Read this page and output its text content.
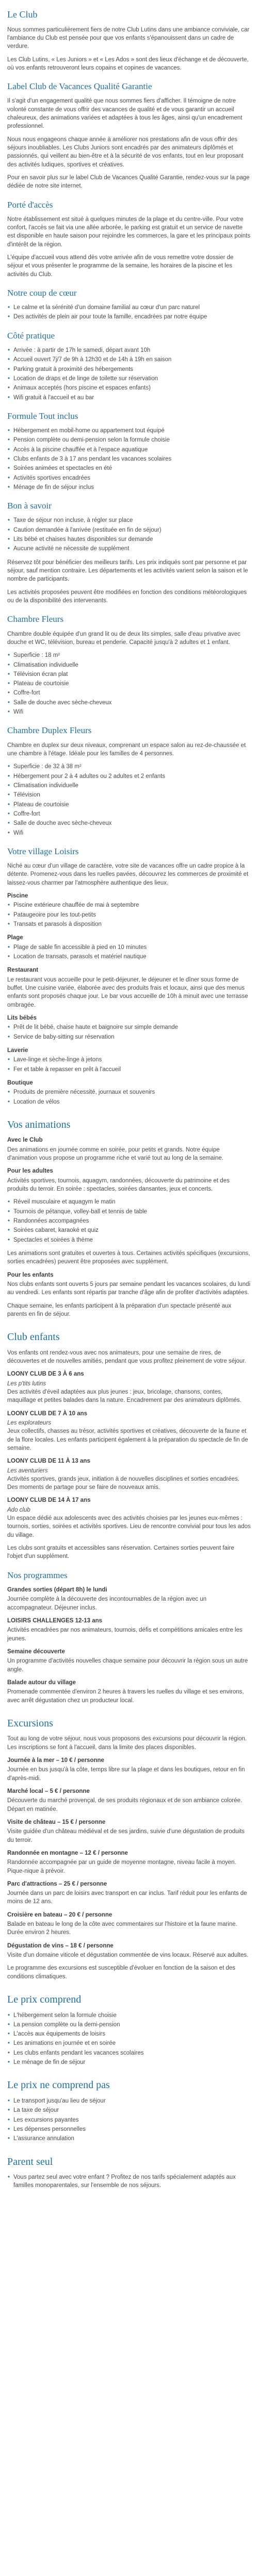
Le Club

Nous sommes particulièrement fiers de notre Club Lutins dans une ambiance conviviale, car l'ambiance du Club est pensée pour que vos enfants s'épanouissent dans un cadre de verdure.

Les Club Lutins, « Les Juniors » et « Les Ados » sont des lieux d'échange et de découverte, où vos enfants retrouveront leurs copains et copines de vacances.

Label Club de Vacances Qualité Garantie

Il s'agit d'un engagement qualité que nous sommes fiers d'afficher. Il témoigne de notre volonté constante de vous offrir des vacances de qualité et de vous garantir un accueil chaleureux, des animations variées et adaptées à tous les âges, ainsi qu'un encadrement professionnel.

Nous nous engageons chaque année à améliorer nos prestations afin de vous offrir des séjours inoubliables. Les Clubs Juniors sont encadrés par des animateurs diplômés et passionnés, qui veillent au bien-être et à la sécurité de vos enfants, tout en leur proposant des activités ludiques, sportives et créatives.

Pour en savoir plus sur le label Club de Vacances Qualité Garantie, rendez-vous sur la page dédiée de notre site internet.

Porté d'accès

Notre établissement est situé à quelques minutes de la plage et du centre-ville. Pour votre confort, l'accès se fait via une allée arborée, le parking est gratuit et un service de navette est disponible en haute saison pour rejoindre les commerces, la gare et les principaux points d'intérêt de la région.

L'équipe d'accueil vous attend dès votre arrivée afin de vous remettre votre dossier de séjour et vous présenter le programme de la semaine, les horaires de la piscine et les activités du Club.

Notre coup de cœur
• Le calme et la sérénité d'un domaine familial au cœur d'un parc naturel
• Des activités de plein air pour toute la famille, encadrées par notre équipe
Côté pratique
• Arrivée : à partir de 17h le samedi, départ avant 10h
• Accueil ouvert 7j/7 de 9h à 12h30 et de 14h à 19h en saison
• Parking gratuit à proximité des hébergements
• Location de draps et de linge de toilette sur réservation
• Animaux acceptés (hors piscine et espaces enfants)
• Wifi gratuit à l'accueil et au bar
Formule Tout inclus
• Hébergement en mobil-home ou appartement tout équipé
• Pension complète ou demi-pension selon la formule choisie
• Accès à la piscine chauffée et à l'espace aquatique
• Clubs enfants de 3 à 17 ans pendant les vacances scolaires
• Soirées animées et spectacles en été
• Activités sportives encadrées
• Ménage de fin de séjour inclus
Bon à savoir
• Taxe de séjour non incluse, à régler sur place
• Caution demandée à l'arrivée (restituée en fin de séjour)
• Lits bébé et chaises hautes disponibles sur demande
• Aucune activité ne nécessite de supplément

Réservez tôt pour bénéficier des meilleurs tarifs. Les prix indiqués sont par personne et par séjour, sauf mention contraire. Les départements et les activités varient selon la saison et le nombre de participants.

Les activités proposées peuvent être modifiées en fonction des conditions météorologiques ou de la disponibilité des intervenants.

Chambre Fleurs

Chambre double équipée d'un grand lit ou de deux lits simples, salle d'eau privative avec douche et WC, télévision, bureau et penderie. Capacité jusqu'à 2 adultes et 1 enfant.

• Superficie : 18 m²
• Climatisation individuelle
• Télévision écran plat
• Plateau de courtoisie
• Coffre-fort
• Salle de douche avec sèche-cheveux
• Wifi
Chambre Duplex Fleurs

Chambre en duplex sur deux niveaux, comprenant un espace salon au rez-de-chaussée et une chambre à l'étage. Idéale pour les familles de 4 personnes.

• Superficie : de 32 à 38 m²
• Hébergement pour 2 à 4 adultes ou 2 adultes et 2 enfants
• Climatisation individuelle
• Télévision
• Plateau de courtoisie
• Coffre-fort
• Salle de douche avec sèche-cheveux
• Wifi
Votre village Loisirs

Niché au cœur d'un village de caractère, votre site de vacances offre un cadre propice à la détente. Promenez-vous dans les ruelles pavées, découvrez les commerces de proximité et laissez-vous charmer par l'atmosphère authentique des lieux.

Piscine
• Piscine extérieure chauffée de mai à septembre
• Pataugeoire pour les tout-petits
• Transats et parasols à disposition
Plage
• Plage de sable fin accessible à pied en 10 minutes
• Location de transats, parasols et matériel nautique
Restaurant

Le restaurant vous accueille pour le petit-déjeuner, le déjeuner et le dîner sous forme de buffet. Une cuisine variée, élaborée avec des produits frais et locaux, ainsi que des menus enfants sont proposés chaque jour. Le bar vous accueille de 10h à minuit avec une terrasse ombragée.

Lits bébés
• Prêt de lit bébé, chaise haute et baignoire sur simple demande
• Service de baby-sitting sur réservation
Laverie
• Lave-linge et sèche-linge à jetons
• Fer et table à repasser en prêt à l'accueil
Boutique
• Produits de première nécessité, journaux et souvenirs
• Location de vélos
Vos animations
Avec le Club

Des animations en journée comme en soirée, pour petits et grands. Notre équipe d'animation vous propose un programme riche et varié tout au long de la semaine.

Pour les adultes

Activités sportives, tournois, aquagym, randonnées, découverte du patrimoine et des produits du terroir. En soirée : spectacles, soirées dansantes, jeux et concerts.

• Réveil musculaire et aquagym le matin
• Tournois de pétanque, volley-ball et tennis de table
• Randonnées accompagnées
• Soirées cabaret, karaoké et quiz
• Spectacles et soirées à thème

Les animations sont gratuites et ouvertes à tous. Certaines activités spécifiques (excursions, sorties encadrées) peuvent être proposées avec supplément.

Pour les enfants

Nos clubs enfants sont ouverts 5 jours par semaine pendant les vacances scolaires, du lundi au vendredi. Les enfants sont répartis par tranche d'âge afin de profiter d'activités adaptées.

Chaque semaine, les enfants participent à la préparation d'un spectacle présenté aux parents en fin de séjour.

Club enfants

Vos enfants ont rendez-vous avec nos animateurs, pour une semaine de rires, de découvertes et de nouvelles amitiés, pendant que vous profitez pleinement de votre séjour.

LOONY CLUB DE 3 À 6 ans
Les p'tits lutins

Des activités d'éveil adaptées aux plus jeunes : jeux, bricolage, chansons, contes, maquillage et petites balades dans la nature. Encadrement par des animateurs diplômés.

LOONY CLUB DE 7 À 10 ans
Les explorateurs

Jeux collectifs, chasses au trésor, activités sportives et créatives, découverte de la faune et de la flore locales. Les enfants participent également à la préparation du spectacle de fin de semaine.

LOONY CLUB DE 11 À 13 ans
Les aventuriers

Activités sportives, grands jeux, initiation à de nouvelles disciplines et sorties encadrées. Des moments de partage pour se faire de nouveaux amis.

LOONY CLUB DE 14 À 17 ans
Ado club

Un espace dédié aux adolescents avec des activités choisies par les jeunes eux-mêmes : tournois, sorties, soirées et activités sportives. Lieu de rencontre convivial pour tous les ados du village.

Les clubs sont gratuits et accessibles sans réservation. Certaines sorties peuvent faire l'objet d'un supplément.

Nos programmes
Grandes sorties (départ 8h) le lundi

Journée complète à la découverte des incontournables de la région avec un accompagnateur. Déjeuner inclus.

LOISIRS CHALLENGES 12-13 ans

Activités encadrées par nos animateurs, tournois, défis et compétitions amicales entre les jeunes.

Semaine découverte

Un programme d'activités nouvelles chaque semaine pour découvrir la région sous un autre angle.

Balade autour du village

Promenade commentée d'environ 2 heures à travers les ruelles du village et ses environs, avec arrêt dégustation chez un producteur local.

Excursions

Tout au long de votre séjour, nous vous proposons des excursions pour découvrir la région. Les inscriptions se font à l'accueil, dans la limite des places disponibles.

Journée à la mer – 10 € / personne

Journée en bus jusqu'à la côte, temps libre sur la plage et dans les boutiques, retour en fin d'après-midi.

Marché local – 5 € / personne

Découverte du marché provençal, de ses produits régionaux et de son ambiance colorée. Départ en matinée.

Visite de château – 15 € / personne

Visite guidée d'un château médiéval et de ses jardins, suivie d'une dégustation de produits du terroir.

Randonnée en montagne – 12 € / personne

Randonnée accompagnée par un guide de moyenne montagne, niveau facile à moyen. Pique-nique à prévoir.

Parc d'attractions – 25 € / personne

Journée dans un parc de loisirs avec transport en car inclus. Tarif réduit pour les enfants de moins de 12 ans.

Croisière en bateau – 20 € / personne

Balade en bateau le long de la côte avec commentaires sur l'histoire et la faune marine. Durée environ 2 heures.

Dégustation de vins – 18 € / personne

Visite d'un domaine viticole et dégustation commentée de vins locaux. Réservé aux adultes.

Le programme des excursions est susceptible d'évoluer en fonction de la saison et des conditions climatiques.

Le prix comprend
• L'hébergement selon la formule choisie
• La pension complète ou la demi-pension
• L'accès aux équipements de loisirs
• Les animations en journée et en soirée
• Les clubs enfants pendant les vacances scolaires
• Le ménage de fin de séjour
Le prix ne comprend pas
• Le transport jusqu'au lieu de séjour
• La taxe de séjour
• Les excursions payantes
• Les dépenses personnelles
• L'assurance annulation
Parent seul
• Vous partez seul avec votre enfant ? Profitez de nos tarifs spécialement adaptés aux familles monoparentales, sur l'ensemble de nos séjours.
